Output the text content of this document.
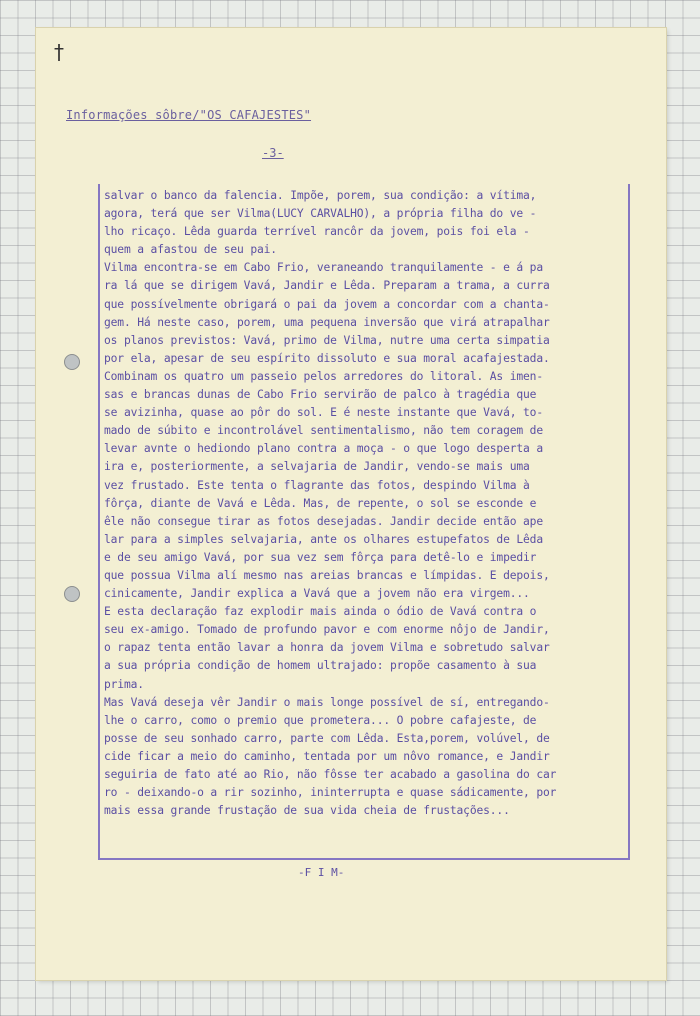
†
Informações sôbre/"OS CAFAJESTES"
-3-
salvar o banco da falencia. Impõe, porem, sua condição: a vítima,
agora, terá que ser Vilma(LUCY CARVALHO), a própria filha do ve -
lho ricaço. Lêda guarda terrível rancôr da jovem, pois foi ela -
quem a afastou de seu pai.
Vilma encontra-se em Cabo Frio, veraneando tranquilamente - e á pa
ra lá que se dirigem Vavá, Jandir e Lêda. Preparam a trama, a curra
que possívelmente obrigará o pai da jovem a concordar com a chanta-
gem. Há neste caso, porem, uma pequena inversão que virá atrapalhar
os planos previstos: Vavá, primo de Vilma, nutre uma certa simpatia
por ela, apesar de seu espírito dissoluto e sua moral acafajestada.
Combinam os quatro um passeio pelos arredores do litoral. As imen-
sas e brancas dunas de Cabo Frio servirão de palco à tragédia que
se avizinha, quase ao pôr do sol. E é neste instante que Vavá, to-
mado de súbito e incontrolável sentimentalismo, não tem coragem de
levar avnte o hediondo plano contra a moça - o que logo desperta a
ira e, posteriormente, a selvajaria de Jandir, vendo-se mais uma
vez frustado. Este tenta o flagrante das fotos, despindo Vilma à
fôrça, diante de Vavá e Lêda. Mas, de repente, o sol se esconde e
êle não consegue tirar as fotos desejadas. Jandir decide então ape
lar para a simples selvajaria, ante os olhares estupefatos de Lêda
e de seu amigo Vavá, por sua vez sem fôrça para detê-lo e impedir
que possua Vilma alí mesmo nas areias brancas e límpidas. E depois,
cinicamente, Jandir explica a Vavá que a jovem não era virgem...
E esta declaração faz explodir mais ainda o ódio de Vavá contra o
seu ex-amigo. Tomado de profundo pavor e com enorme nôjo de Jandir,
o rapaz tenta então lavar a honra da jovem Vilma e sobretudo salvar
a sua própria condição de homem ultrajado: propõe casamento à sua
prima.
Mas Vavá deseja vêr Jandir o mais longe possível de sí, entregando-
lhe o carro, como o premio que prometera... O pobre cafajeste, de
posse de seu sonhado carro, parte com Lêda. Esta,porem, volúvel, de
cide ficar a meio do caminho, tentada por um nôvo romance, e Jandir
seguiria de fato até ao Rio, não fôsse ter acabado a gasolina do car
ro - deixando-o a rir sozinho, ininterrupta e quase sádicamente, por
mais essa grande frustação de sua vida cheia de frustações...
-F I M-
